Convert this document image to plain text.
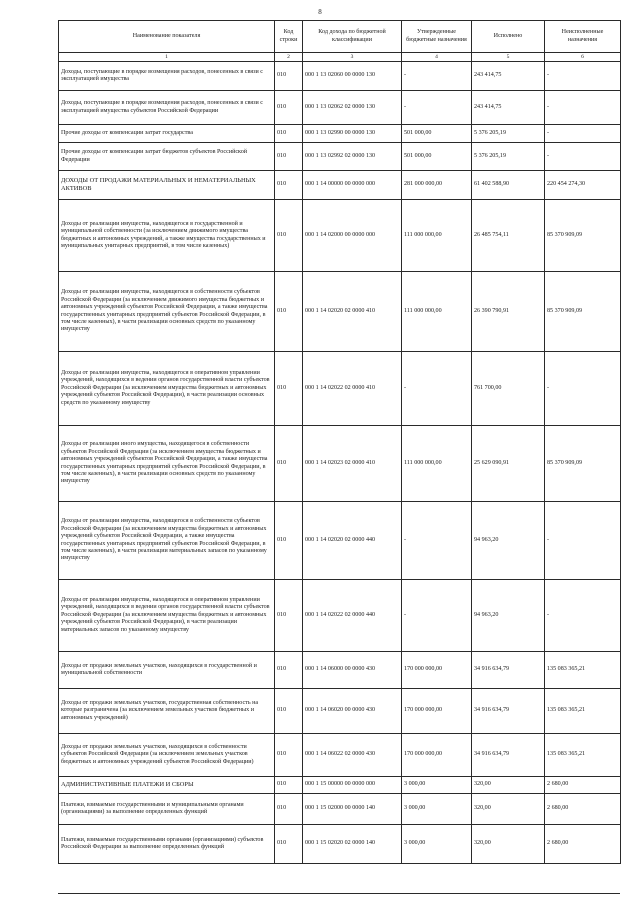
8
Наименование показателя	Код строки	Код дохода по бюджетной классификации	Утвержденные бюджетные назначения	Исполнено	Неисполненные назначения
1	2	3	4	5	6
Доходы, поступающие в порядке возмещения расходов, понесенных в связи с эксплуатацией имущества	010	000 1 13 02060 00 0000 130	-	243 414,75	-
Доходы, поступающие в порядке возмещения расходов, понесенных в связи с эксплуатацией имущества субъектов Российской Федерации	010	000 1 13 02062 02 0000 130	-	243 414,75	-
Прочие доходы от компенсации затрат государства	010	000 1 13 02990 00 0000 130	501 000,00	5 376 205,19	-
Прочие доходы от компенсации затрат бюджетов субъектов Российской Федерации	010	000 1 13 02992 02 0000 130	501 000,00	5 376 205,19	-
ДОХОДЫ ОТ ПРОДАЖИ МАТЕРИАЛЬНЫХ И НЕМАТЕРИАЛЬНЫХ АКТИВОВ	010	000 1 14 00000 00 0000 000	281 000 000,00	61 402 588,90	220 454 274,30
Доходы от реализации имущества, находящегося в государственной и муниципальной собственности (за исключением движимого имущества бюджетных и автономных учреждений, а также имущества государственных и муниципальных унитарных предприятий, в том числе казенных)	010	000 1 14 02000 00 0000 000	111 000 000,00	26 485 754,11	85 370 909,09
Доходы от реализации имущества, находящегося в собственности субъектов Российской Федерации (за исключением движимого имущества бюджетных и автономных учреждений субъектов Российской Федерации, а также имущества государственных унитарных предприятий субъектов Российской Федерации, в том числе казенных), в части реализации основных средств по указанному имуществу	010	000 1 14 02020 02 0000 410	111 000 000,00	26 390 790,91	85 370 909,09
Доходы от реализации имущества, находящегося в оперативном управлении учреждений, находящихся в ведении органов государственной власти субъектов Российской Федерации (за исключением имущества бюджетных и автономных учреждений субъектов Российской Федерации), в части реализации основных средств по указанному имуществу	010	000 1 14 02022 02 0000 410	-	761 700,00	-
Доходы от реализации иного имущества, находящегося в собственности субъектов Российской Федерации (за исключением имущества бюджетных и автономных учреждений субъектов Российской Федерации, а также имущества государственных унитарных предприятий субъектов Российской Федерации, в том числе казенных), в части реализации основных средств по указанному имуществу	010	000 1 14 02023 02 0000 410	111 000 000,00	25 629 090,91	85 370 909,09
Доходы от реализации имущества, находящегося в собственности субъектов Российской Федерации (за исключением имущества бюджетных и автономных учреждений субъектов Российской Федерации, а также имущества государственных унитарных предприятий субъектов Российской Федерации, в том числе казенных), в части реализации материальных запасов по указанному имуществу	010	000 1 14 02020 02 0000 440	-	94 963,20	-
Доходы от реализации имущества, находящегося в оперативном управлении учреждений, находящихся в ведении органов государственной власти субъектов Российской Федерации (за исключением имущества бюджетных и автономных учреждений субъектов Российской Федерации), в части реализации материальных запасов по указанному имуществу	010	000 1 14 02022 02 0000 440	-	94 963,20	-
Доходы от продажи земельных участков, находящихся в государственной и муниципальной собственности	010	000 1 14 06000 00 0000 430	170 000 000,00	34 916 634,79	135 083 365,21
Доходы от продажи земельных участков, государственная собственность на которые разграничена (за исключением земельных участков бюджетных и автономных учреждений)	010	000 1 14 06020 00 0000 430	170 000 000,00	34 916 634,79	135 083 365,21
Доходы от продажи земельных участков, находящихся в собственности субъектов Российской Федерации (за исключением земельных участков бюджетных и автономных учреждений субъектов Российской Федерации)	010	000 1 14 06022 02 0000 430	170 000 000,00	34 916 634,79	135 083 365,21
АДМИНИСТРАТИВНЫЕ ПЛАТЕЖИ И СБОРЫ	010	000 1 15 00000 00 0000 000	3 000,00	320,00	2 680,00
Платежи, взимаемые государственными и муниципальными органами (организациями) за выполнение определенных функций	010	000 1 15 02000 00 0000 140	3 000,00	320,00	2 680,00
Платежи, взимаемые государственными органами (организациями) субъектов Российской Федерации за выполнение определенных функций	010	000 1 15 02020 02 0000 140	3 000,00	320,00	2 680,00
